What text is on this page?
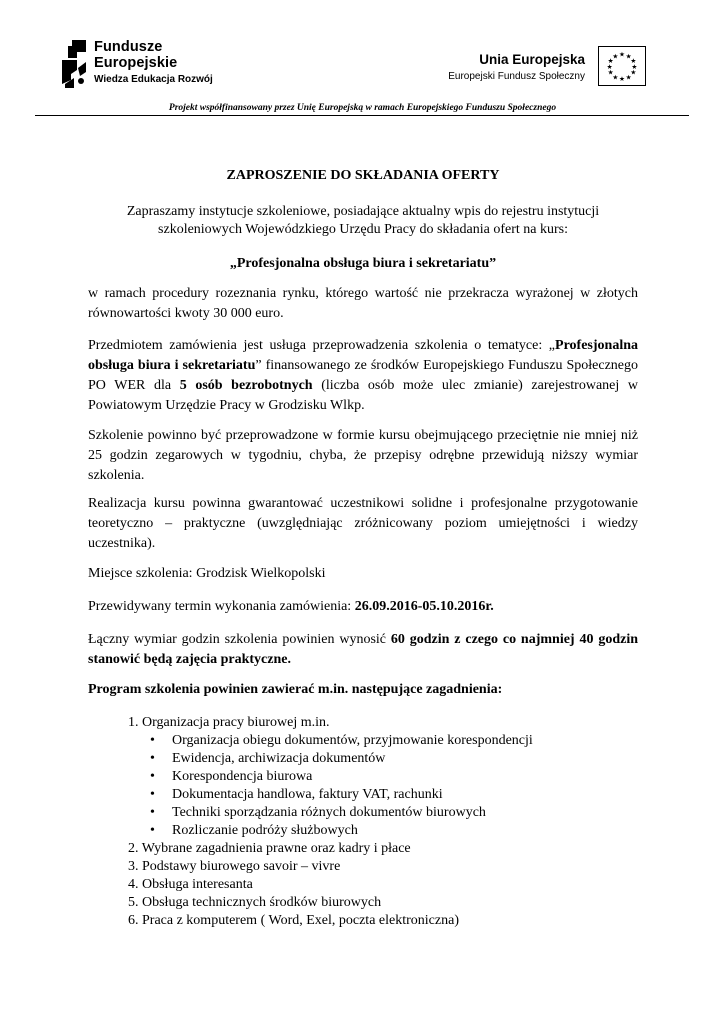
Fundusze
Europejskie
Wiedza Edukacja Rozwój
Unia Europejska
Europejski Fundusz Społeczny
★ ★
★
★
★
★
★
★
★
★
★
★
Projekt współfinansowany przez Unię Europejską w ramach Europejskiego Funduszu Społecznego
ZAPROSZENIE DO SKŁADANIA OFERTY
Zapraszamy instytucje szkoleniowe, posiadające aktualny wpis do rejestru instytucji
szkoleniowych Wojewódzkiego Urzędu Pracy do składania ofert na kurs:
„Profesjonalna obsługa biura i sekretariatu”
w ramach procedury rozeznania rynku, którego wartość nie przekracza wyrażonej w złotych równowartości kwoty 30 000 euro.
Przedmiotem zamówienia jest usługa przeprowadzenia szkolenia o tematyce: „Profesjonalna obsługa biura i sekretariatu” finansowanego ze środków Europejskiego Funduszu Społecznego PO WER dla 5 osób bezrobotnych (liczba osób może ulec zmianie) zarejestrowanej w Powiatowym Urzędzie Pracy w Grodzisku Wlkp.
Szkolenie powinno być przeprowadzone w formie kursu obejmującego przeciętnie nie mniej niż 25 godzin zegarowych w tygodniu, chyba, że przepisy odrębne przewidują niższy wymiar szkolenia.
Realizacja kursu powinna gwarantować uczestnikowi solidne i profesjonalne przygotowanie teoretyczno – praktyczne (uwzględniając zróżnicowany poziom umiejętności i wiedzy uczestnika).
Miejsce szkolenia: Grodzisk Wielkopolski
Przewidywany termin wykonania zamówienia: 26.09.2016-05.10.2016r.
Łączny wymiar godzin szkolenia powinien wynosić 60 godzin z czego co najmniej 40 godzin stanowić będą zajęcia praktyczne.
Program szkolenia powinien zawierać m.in. następujące zagadnienia:
1. Organizacja pracy biurowej m.in.
•	Organizacja obiegu dokumentów, przyjmowanie korespondencji
•	Ewidencja, archiwizacja dokumentów
•	Korespondencja biurowa
•	Dokumentacja handlowa, faktury VAT, rachunki
•	Techniki sporządzania różnych dokumentów biurowych
•	Rozliczanie podróży służbowych
2. Wybrane zagadnienia prawne oraz kadry i płace
3. Podstawy biurowego savoir – vivre
4. Obsługa interesanta
5. Obsługa technicznych środków biurowych
6. Praca z komputerem ( Word, Exel, poczta elektroniczna)
